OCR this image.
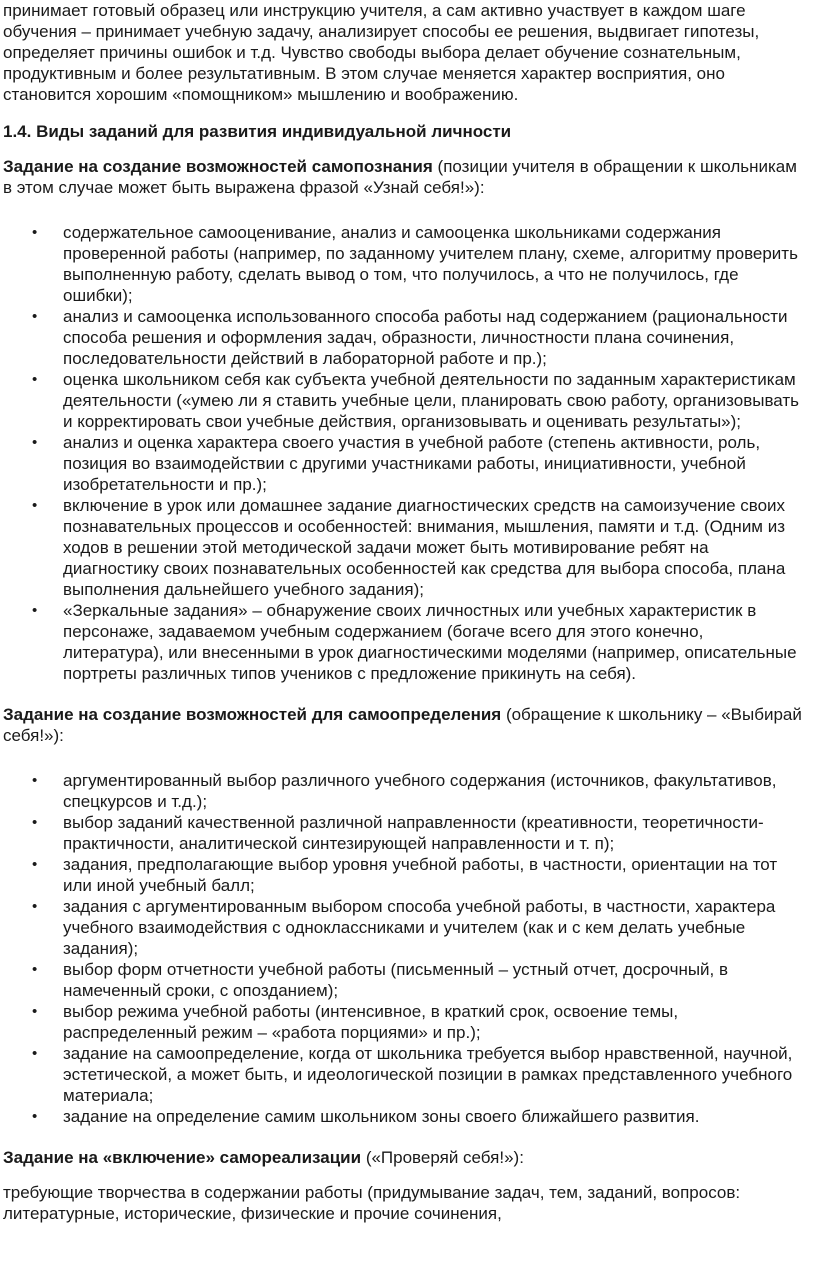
принимает готовый образец или инструкцию учителя, а сам активно участвует в каждом шаге обучения – принимает учебную задачу, анализирует способы ее решения, выдвигает гипотезы, определяет причины ошибок и т.д. Чувство свободы выбора делает обучение сознательным, продуктивным и более результативным. В этом случае меняется характер восприятия, оно становится хорошим «помощником» мышлению и воображению.

1.4. Виды заданий для развития индивидуальной личности

Задание на создание возможностей самопознания (позиции учителя в обращении к школьникам в этом случае может быть выражена фразой «Узнай себя!»):

• содержательное самооценивание, анализ и самооценка школьниками содержания проверенной работы (например, по заданному учителем плану, схеме, алгоритму проверить выполненную работу, сделать вывод о том, что получилось, а что не получилось, где ошибки);
• анализ и самооценка использованного способа работы над содержанием (рациональности способа решения и оформления задач, образности, личностности плана сочинения, последовательности действий в лабораторной работе и пр.);
• оценка школьником себя как субъекта учебной деятельности по заданным характеристикам деятельности («умею ли я ставить учебные цели, планировать свою работу, организовывать и корректировать свои учебные действия, организовывать и оценивать результаты»);
• анализ и оценка характера своего участия в учебной работе (степень активности, роль, позиция во взаимодействии с другими участниками работы, инициативности, учебной изобретательности и пр.);
• включение в урок или домашнее задание диагностических средств на самоизучение своих познавательных процессов и особенностей: внимания, мышления, памяти и т.д. (Одним из ходов в решении этой методической задачи может быть мотивирование ребят на диагностику своих познавательных особенностей как средства для выбора способа, плана выполнения дальнейшего учебного задания);
• «Зеркальные задания» – обнаружение своих личностных или учебных характеристик в персонаже, задаваемом учебным содержанием (богаче всего для этого конечно, литература), или внесенными в урок диагностическими моделями (например, описательные портреты различных типов учеников с предложение прикинуть на себя).

Задание на создание возможностей для самоопределения (обращение к школьнику – «Выбирай себя!»):

• аргументированный выбор различного учебного содержания (источников, факультативов, спецкурсов и т.д.);
• выбор заданий качественной различной направленности (креативности, теоретичности-практичности, аналитической синтезирующей направленности и т. п);
• задания, предполагающие выбор уровня учебной работы, в частности, ориентации на тот или иной учебный балл;
• задания с аргументированным выбором способа учебной работы, в частности, характера учебного взаимодействия с одноклассниками и учителем (как и с кем делать учебные задания);
• выбор форм отчетности учебной работы (письменный – устный отчет, досрочный, в намеченный сроки, с опозданием);
• выбор режима учебной работы (интенсивное, в краткий срок, освоение темы, распределенный режим – «работа порциями» и пр.);
• задание на самоопределение, когда от школьника требуется выбор нравственной, научной, эстетической, а может быть, и идеологической позиции в рамках представленного учебного материала;
• задание на определение самим школьником зоны своего ближайшего развития.

Задание на «включение» самореализации («Проверяй себя!»):

требующие творчества в содержании работы (придумывание задач, тем, заданий, вопросов: литературные, исторические, физические и прочие сочинения,
